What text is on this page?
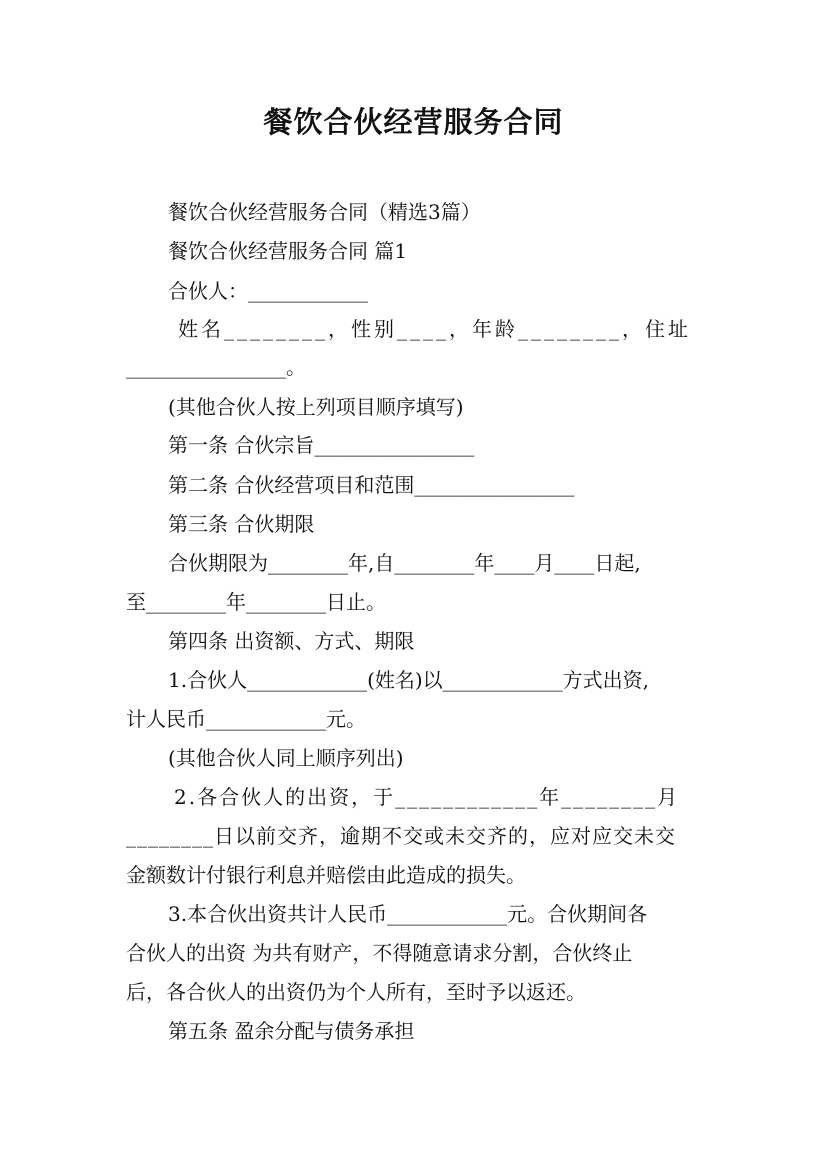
餐饮合伙经营服务合同
餐饮合伙经营服务合同（精选3篇）
餐饮合伙经营服务合同 篇1
合伙人：____________
姓名________，性别____，年龄________，住址
________________。
(其他合伙人按上列项目顺序填写)
第一条 合伙宗旨________________
第二条 合伙经营项目和范围________________
第三条 合伙期限
合伙期限为________年,自________年____月____日起,
至________年________日止。
第四条 出资额、方式、期限
1.合伙人____________(姓名)以____________方式出资,
计人民币____________元。
(其他合伙人同上顺序列出)
2.各合伙人的出资，于____________年________月
________日以前交齐，逾期不交或未交齐的，应对应交未交
金额数计付银行利息并赔偿由此造成的损失。
3.本合伙出资共计人民币____________元。合伙期间各
合伙人的出资 为共有财产，不得随意请求分割，合伙终止
后，各合伙人的出资仍为个人所有，至时予以返还。
第五条 盈余分配与债务承担
